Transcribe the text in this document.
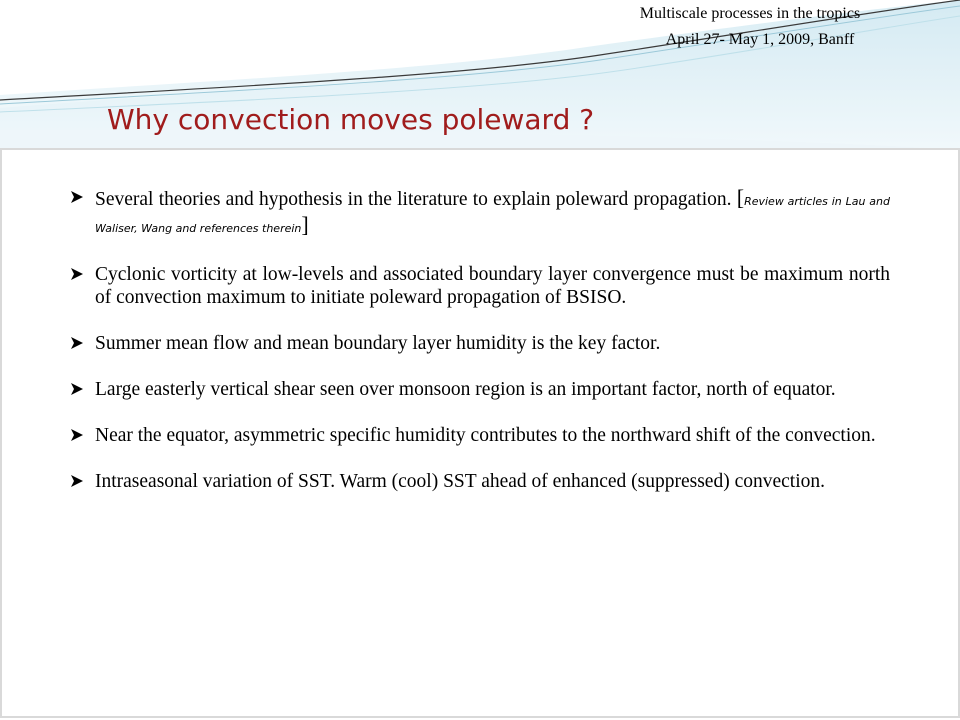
Multiscale processes in the tropics
April 27- May 1, 2009, Banff
Why convection moves poleward ?
Several theories and hypothesis in the literature to explain poleward propagation. [Review articles in Lau and Waliser, Wang and references therein]
Cyclonic vorticity at low-levels and associated boundary layer convergence must be maximum north of convection maximum to initiate poleward propagation of BSISO.
Summer mean flow and mean boundary layer humidity is the key factor.
Large easterly vertical shear seen over monsoon region is an important factor, north of equator.
Near the equator, asymmetric specific humidity contributes to the northward shift of the convection.
Intraseasonal variation of SST. Warm (cool) SST ahead of enhanced (suppressed) convection.
